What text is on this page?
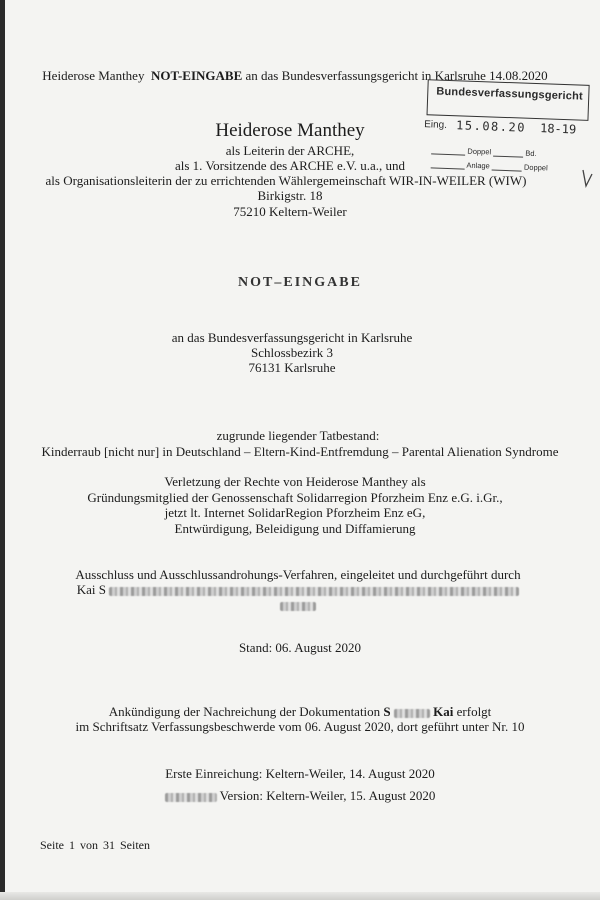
Heiderose Manthey NOT-EINGABE an das Bundesverfassungsgericht in Karlsruhe 14.08.2020
Bundesverfassungsgericht
Eing. 15.08.20 18-19
Doppel	Bd.
Anlage	Doppel
Heiderose Manthey
als Leiterin der ARCHE,
als 1. Vorsitzende des ARCHE e.V. u.a., und
als Organisationsleiterin der zu errichtenden Wählergemeinschaft WIR-IN-WEILER (WIW)
Birkigstr. 18
75210 Keltern-Weiler
NOT–EINGABE
an das Bundesverfassungsgericht in Karlsruhe
Schlossbezirk 3
76131 Karlsruhe
zugrunde liegender Tatbestand:
Kinderraub [nicht nur] in Deutschland – Eltern-Kind-Entfremdung – Parental Alienation Syndrome
Verletzung der Rechte von Heiderose Manthey als
Gründungsmitglied der Genossenschaft Solidarregion Pforzheim Enz e.G. i.Gr.,
jetzt lt. Internet SolidarRegion Pforzheim Enz eG,
Entwürdigung, Beleidigung und Diffamierung
Ausschluss und Ausschlussandrohungs-Verfahren, eingeleitet und durchgeführt durch
Kai S
Stand: 06. August 2020
Ankündigung der Nachreichung der Dokumentation S	Kai erfolgt
im Schriftsatz Verfassungsbeschwerde vom 06. August 2020, dort geführt unter Nr. 10
Erste Einreichung: Keltern-Weiler, 14. August 2020
Version: Keltern-Weiler, 15. August 2020
Seite 1 von 31 Seiten
